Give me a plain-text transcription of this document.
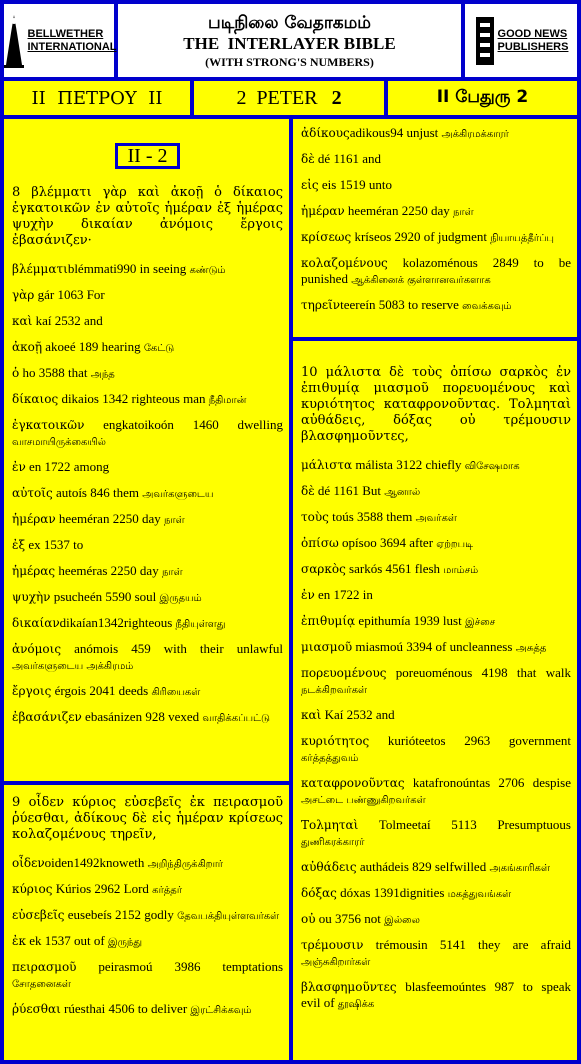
BELLWETHER
INTERNATIONAL
படிநிலை வேதாகமம்
THE  INTERLAYER BIBLE
(WITH STRONG'S NUMBERS)
GOOD NEWS
PUBLISHERS
ΙΙ  ΠΕΤΡΟΥ  ΙΙ	2  PETER 2	II பேதுரு 2
II - 2
8 βλέμματι γὰρ καὶ ἀκοῇ ὁ δίκαιος ἐγκατοικῶν ἐν αὐτοῖς ἡμέραν ἐξ ἡμέρας ψυχὴν δικαίαν ἀνόμοις ἔργοις ἐβασάνιζεν·
βλέμματιblémmati990 in seeing கண்டும்
γὰρ gár 1063 For
καὶ kaí 2532 and
ἀκοῇ akoeé 189 hearing கேட்டு
ὁ ho 3588 that அந்த
δίκαιος dikaios 1342 righteous man நீதிமான்
ἐγκατοικῶν engkatoikoón 1460 dwelling வாசமாயிருக்கையில்
ἐν en 1722 among
αὐτοῖς autoís 846 them அவர்களுடைய
ἡμέραν heeméran 2250 day நாள்
ἐξ ex 1537 to
ἡμέρας heeméras 2250 day நாள்
ψυχὴν psucheén 5590 soul இருதயம்
δικαίανdikaían1342righteous நீதியுள்ளது
ἀνόμοις anómois 459 with their unlawful அவர்களுடைய அக்கிரமம்
ἔργοις érgois 2041 deeds கிரியைகள்
ἐβασάνιζεν ebasánizen 928 vexed வாதிக்கப்பட்டு
9 οἶδεν κύριος εὐσεβεῖς ἐκ πειρασμοῦ ῥύεσθαι, ἀδίκους δὲ εἰς ἡμέραν κρίσεως κολαζομένους τηρεῖν,
οἶδενoiden1492knoweth அறிந்திருக்கிறார்
κύριος Kúrios 2962 Lord கர்த்தர்
εὐσεβεῖς eusebeís 2152 godly தேவபக்தியுள்ளவர்கள்
ἐκ ek 1537 out of இருந்து
πειρασμοῦ peirasmoú 3986 temptations சோதனைகள்
ῥύεσθαι rúesthai 4506 to deliver இரட்சிக்கவும்
ἀδίκουςadikous94 unjust அக்கிரமக்காரர்
δὲ dé 1161 and
εἰς eis 1519 unto
ἡμέραν heeméran 2250 day நாள்
κρίσεως kríseos 2920 of judgment நியாயத்தீர்ப்பு
κολαζομένους kolazoménous 2849 to be punished ஆக்கினைக் குள்ளானவர்களாக
τηρεῖνteereín 5083 to reserve வைக்கவும்
10 μάλιστα δὲ τοὺς ὀπίσω σαρκὸς ἐν ἐπιθυμίᾳ μιασμοῦ πορευομένους καὶ κυριότητος καταφρονοῦντας. Τολμηταὶ αὐθάδεις, δόξας οὐ τρέμουσιν βλασφημοῦντες,
μάλιστα málista 3122 chiefly விசேஷமாக
δὲ dé 1161 But ஆனால்
τοὺς toús 3588 them அவர்கள்
ὀπίσω opísoo 3694 after ஏற்றபடி
σαρκὸς sarkós 4561 flesh மாம்சம்
ἐν en 1722 in
ἐπιθυμίᾳ epithumía 1939 lust இச்சை
μιασμοῦ miasmoú 3394 of uncleanness அசுத்த
πορευομένους poreuoménous 4198 that walk நடக்கிறவர்கள்
καὶ Kaí 2532 and
κυριότητος kurióteetos 2963 government கர்த்தத்துவம்
καταφρονοῦντας katafronoúntas 2706 despise அசட்டை பண்ணுகிறவர்கள்
Τολμηταὶ Tolmeetaí 5113 Presumptuous துணிகரக்காரர்
αὐθάδεις authádeis 829 selfwilled அகங்காரிகள்
δόξας dóxas 1391dignities மகத்துவங்கள்
οὐ ou 3756 not இல்லை
τρέμουσιν trémousin 5141 they are afraid அஞ்சுகிறார்கள்
βλασφημοῦντες blasfeemoúntes 987 to speak evil of தூஷிக்க
